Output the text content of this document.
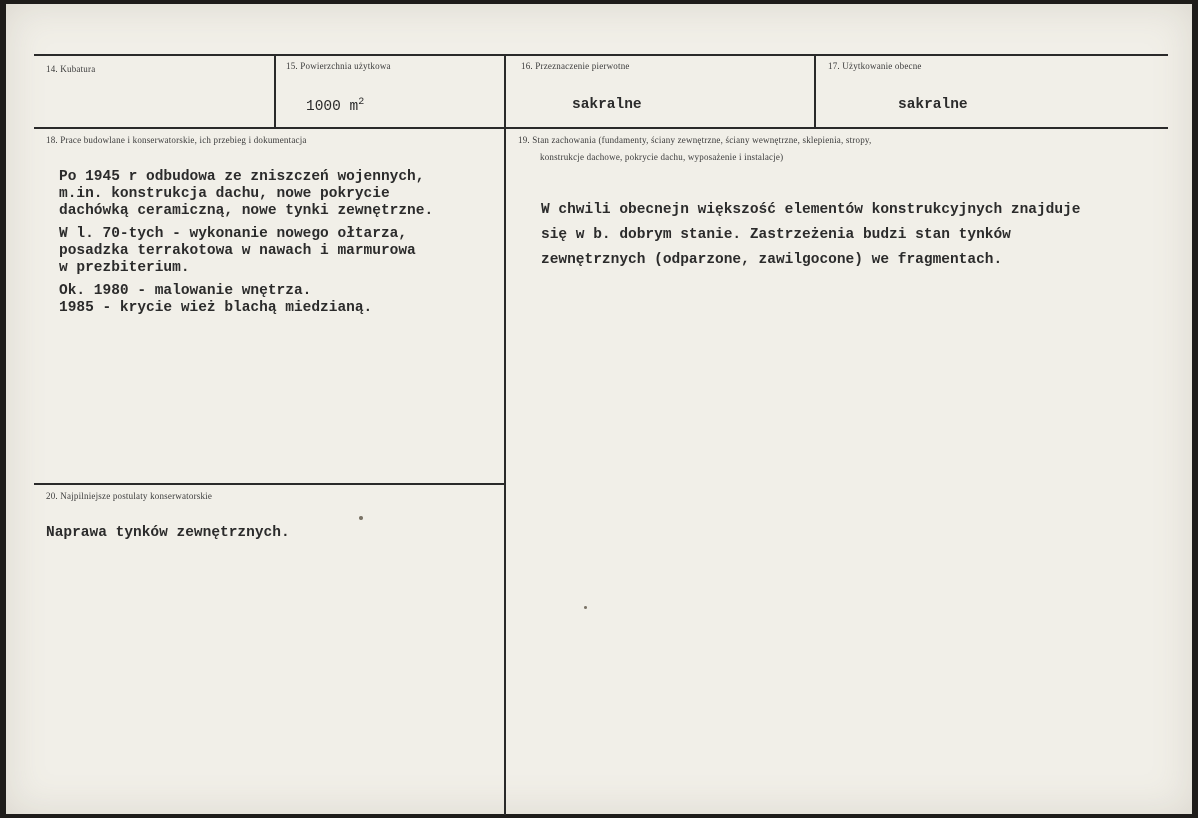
14. Kubatura	15. Powierzchnia użytkowa
1000 $m^2$
16. Przeznaczenie pierwotne
sakralne
17. Użytkowanie obecne
sakralne
18. Prace budowlane i konserwatorskie, ich przebieg i dokumentacja
Po 1945 r odbudowa ze zniszczeń wojennych,
m.in. konstrukcja dachu, nowe pokrycie
dachówką ceramiczną, nowe tynki zewnętrzne.
W l. 70-tych - wykonanie nowego ołtarza,
posadzka terrakotowa w nawach i marmurowa
w prezbiterium.
Ok. 1980 - malowanie wnętrza.
1985 - krycie wież blachą miedzianą.
19. Stan zachowania (fundamenty, ściany zewnętrzne, ściany wewnętrzne, sklepienia, stropy,
konstrukcje dachowe, pokrycie dachu, wyposażenie i instalacje)
W chwili obecnejn większość elementów konstrukcyjnych znajduje
się w b. dobrym stanie. Zastrzeżenia budzi stan tynków
zewnętrznych (odparzone, zawilgocone) we fragmentach.
20. Najpilniejsze postulaty konserwatorskie
Naprawa tynków zewnętrznych.
